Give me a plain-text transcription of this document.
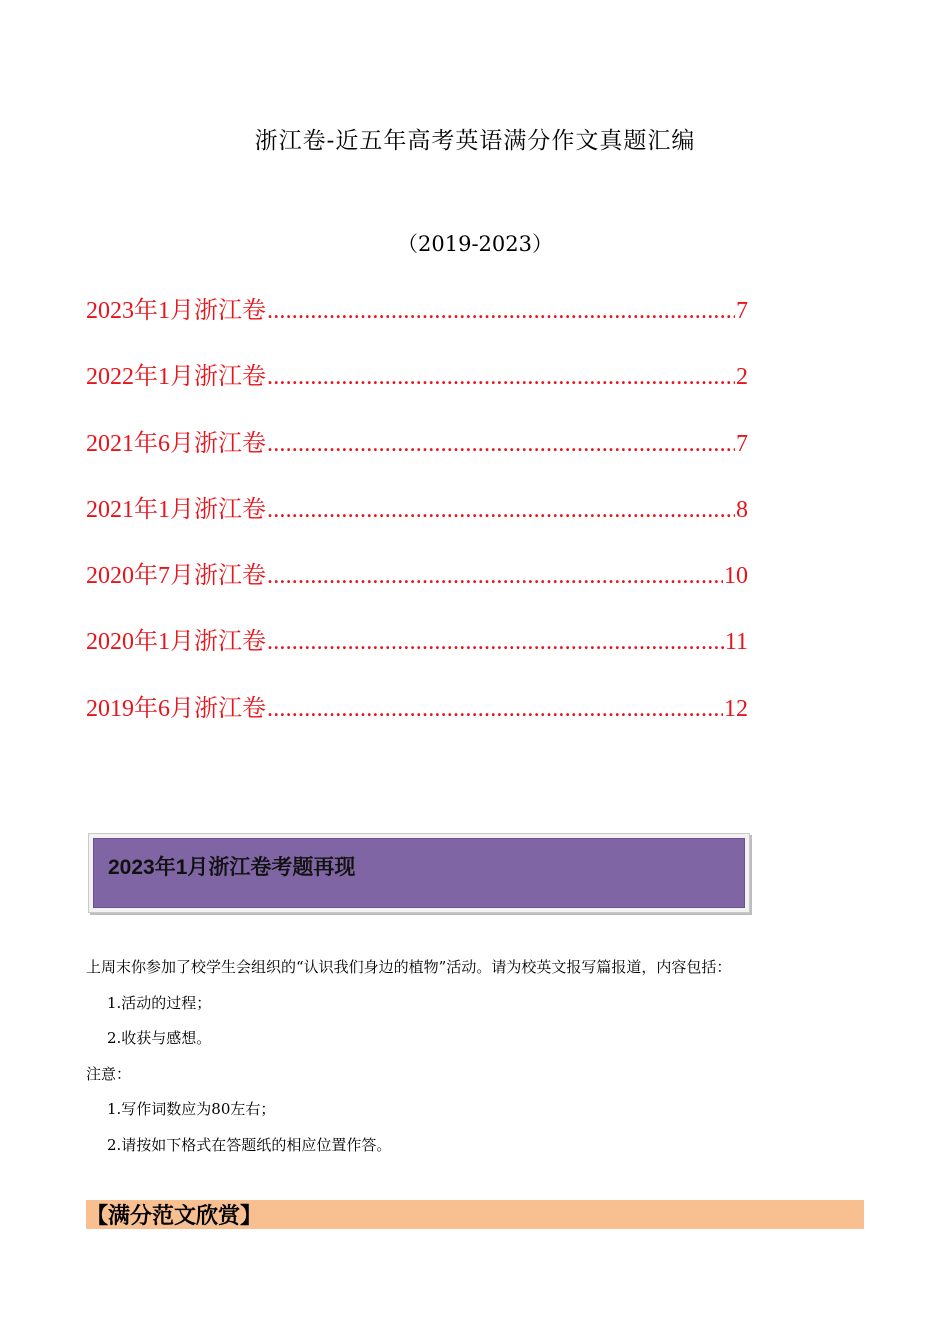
浙江卷-近五年高考英语满分作文真题汇编
（2019-2023）
2023年1月浙江卷 .....	7
2022年1月浙江卷 .....	2
2021年6月浙江卷 .....	7
2021年1月浙江卷 .....	8
2020年7月浙江卷 .....	10
2020年1月浙江卷 .....	11
2019年6月浙江卷 .....	12
2023年1月浙江卷考题再现

上周末你参加了校学生会组织的“认识我们身边的植物”活动。请为校英文报写篇报道，内容包括：

1.活动的过程；

2.收获与感想。

注意：

1.写作词数应为80左右；

2.请按如下格式在答题纸的相应位置作答。

【满分范文欣赏】
